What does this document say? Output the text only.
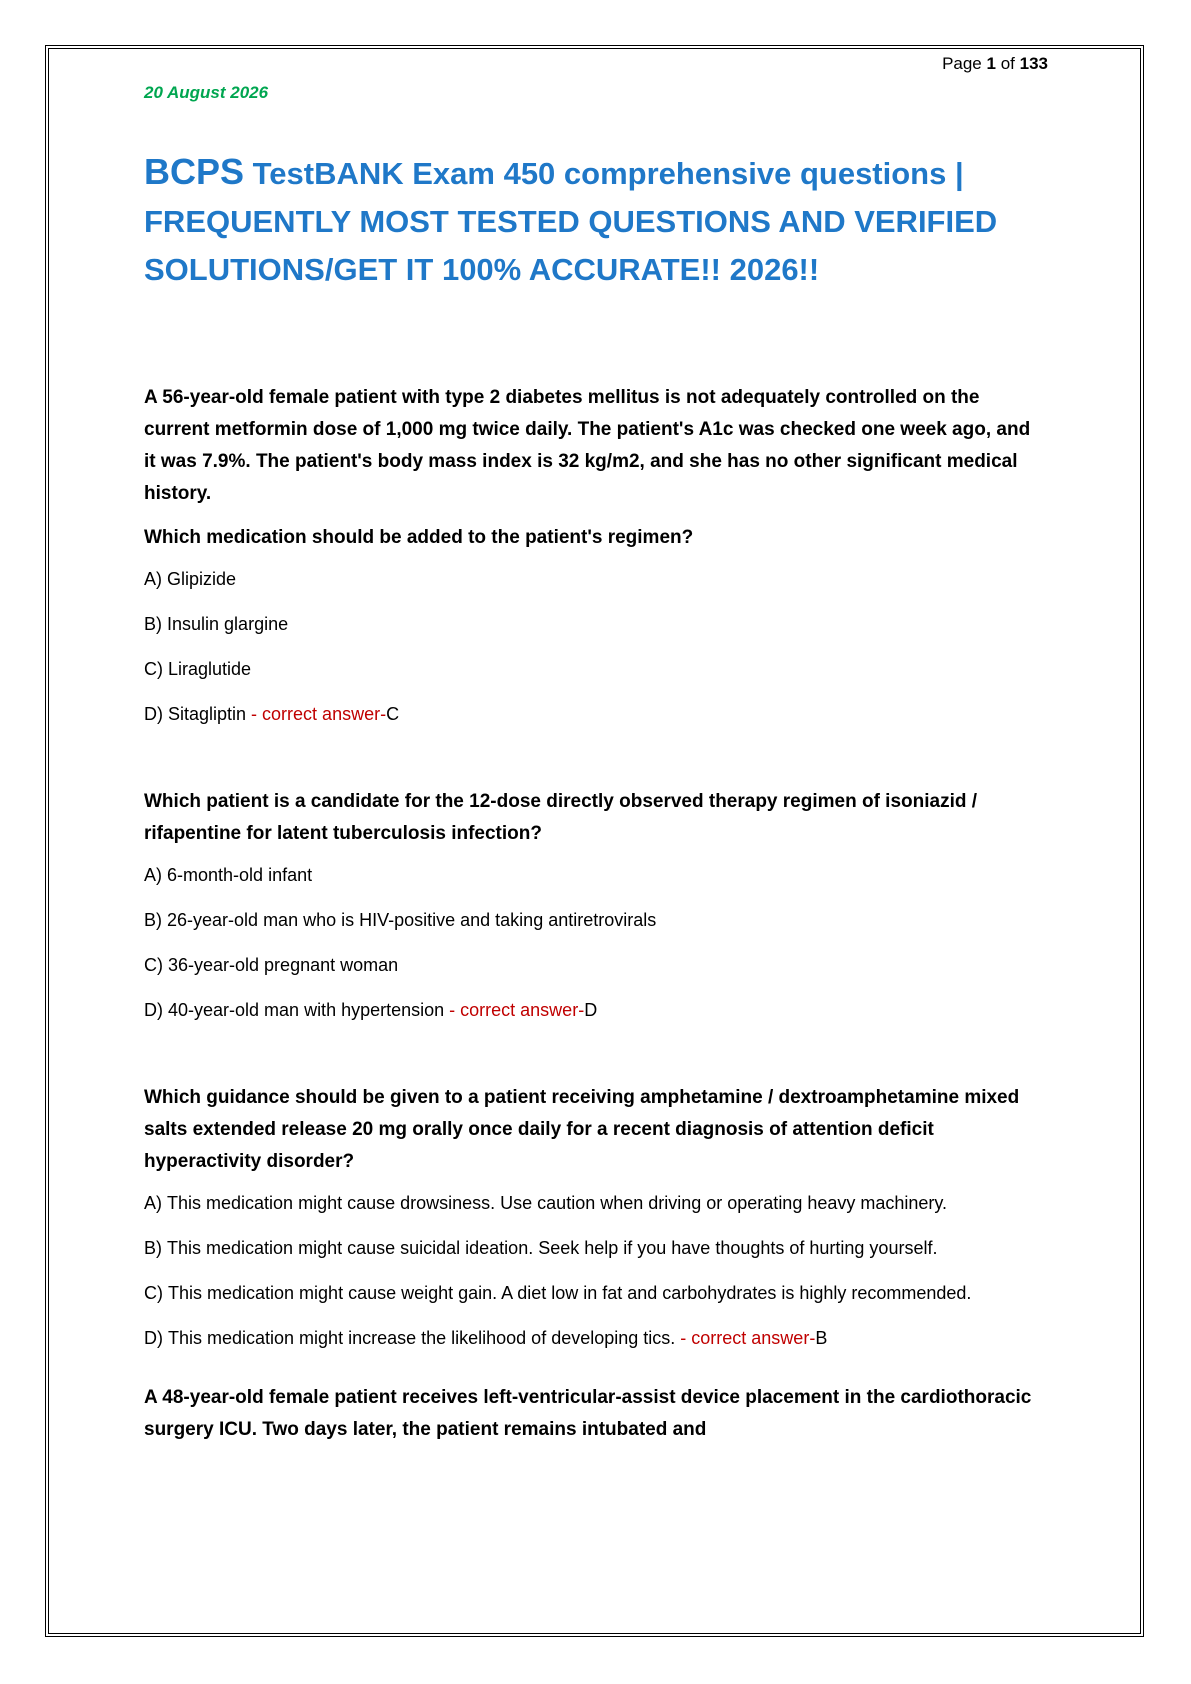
Page 1 of 133
20 August 2026
BCPS TestBANK Exam 450 comprehensive questions | FREQUENTLY MOST TESTED QUESTIONS AND VERIFIED SOLUTIONS/GET IT 100% ACCURATE!! 2026!!

A 56-year-old female patient with type 2 diabetes mellitus is not adequately controlled on the current metformin dose of 1,000 mg twice daily. The patient's A1c was checked one week ago, and it was 7.9%. The patient's body mass index is 32 kg/m2, and she has no other significant medical history.

Which medication should be added to the patient's regimen?

A) Glipizide

B) Insulin glargine

C) Liraglutide

D) Sitagliptin - correct answer-C

Which patient is a candidate for the 12-dose directly observed therapy regimen of isoniazid / rifapentine for latent tuberculosis infection?

A) 6-month-old infant

B) 26-year-old man who is HIV-positive and taking antiretrovirals

C) 36-year-old pregnant woman

D) 40-year-old man with hypertension - correct answer-D

Which guidance should be given to a patient receiving amphetamine / dextroamphetamine mixed salts extended release 20 mg orally once daily for a recent diagnosis of attention deficit hyperactivity disorder?

A) This medication might cause drowsiness. Use caution when driving or operating heavy machinery.

B) This medication might cause suicidal ideation. Seek help if you have thoughts of hurting yourself.

C) This medication might cause weight gain. A diet low in fat and carbohydrates is highly recommended.

D) This medication might increase the likelihood of developing tics. - correct answer-B

A 48-year-old female patient receives left-ventricular-assist device placement in the cardiothoracic surgery ICU. Two days later, the patient remains intubated and
